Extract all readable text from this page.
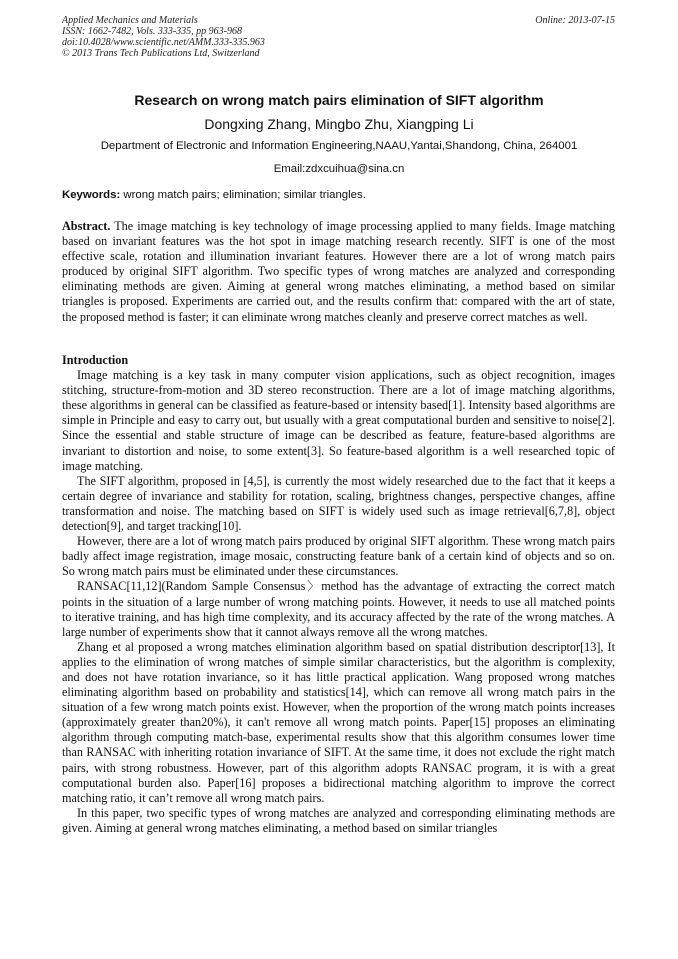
Applied Mechanics and Materials
ISSN: 1662-7482, Vols. 333-335, pp 963-968
doi:10.4028/www.scientific.net/AMM.333-335.963
© 2013 Trans Tech Publications Ltd, Switzerland
Online: 2013-07-15
Research on wrong match pairs elimination of SIFT algorithm
Dongxing Zhang, Mingbo Zhu, Xiangping Li
Department of Electronic and Information Engineering,NAAU,Yantai,Shandong, China, 264001
Email:zdxcuihua@sina.cn
Keywords: wrong match pairs; elimination; similar triangles.

Abstract. The image matching is key technology of image processing applied to many fields. Image matching based on invariant features was the hot spot in image matching research recently. SIFT is one of the most effective scale, rotation and illumination invariant features. However there are a lot of wrong match pairs produced by original SIFT algorithm. Two specific types of wrong matches are analyzed and corresponding eliminating methods are given. Aiming at general wrong matches eliminating, a method based on similar triangles is proposed. Experiments are carried out, and the results confirm that: compared with the art of state, the proposed method is faster; it can eliminate wrong matches cleanly and preserve correct matches as well.

Introduction

Image matching is a key task in many computer vision applications, such as object recognition, images stitching, structure-from-motion and 3D stereo reconstruction. There are a lot of image matching algorithms, these algorithms in general can be classified as feature-based or intensity based[1]. Intensity based algorithms are simple in Principle and easy to carry out, but usually with a great computational burden and sensitive to noise[2]. Since the essential and stable structure of image can be described as feature, feature-based algorithms are invariant to distortion and noise, to some extent[3]. So feature-based algorithm is a well researched topic of image matching.

The SIFT algorithm, proposed in [4,5], is currently the most widely researched due to the fact that it keeps a certain degree of invariance and stability for rotation, scaling, brightness changes, perspective changes, affine transformation and noise. The matching based on SIFT is widely used such as image retrieval[6,7,8], object detection[9], and target tracking[10].

However, there are a lot of wrong match pairs produced by original SIFT algorithm. These wrong match pairs badly affect image registration, image mosaic, constructing feature bank of a certain kind of objects and so on. So wrong match pairs must be eliminated under these circumstances.

RANSAC[11,12](Random Sample Consensus〉method has the advantage of extracting the correct match points in the situation of a large number of wrong matching points. However, it needs to use all matched points to iterative training, and has high time complexity, and its accuracy affected by the rate of the wrong matches. A large number of experiments show that it cannot always remove all the wrong matches.

Zhang et al proposed a wrong matches elimination algorithm based on spatial distribution descriptor[13], It applies to the elimination of wrong matches of simple similar characteristics, but the algorithm is complexity, and does not have rotation invariance, so it has little practical application. Wang proposed wrong matches eliminating algorithm based on probability and statistics[14], which can remove all wrong match pairs in the situation of a few wrong match points exist. However, when the proportion of the wrong match points increases (approximately greater than20%), it can't remove all wrong match points. Paper[15] proposes an eliminating algorithm through computing match-base, experimental results show that this algorithm consumes lower time than RANSAC with inheriting rotation invariance of SIFT. At the same time, it does not exclude the right match pairs, with strong robustness. However, part of this algorithm adopts RANSAC program, it is with a great computational burden also. Paper[16] proposes a bidirectional matching algorithm to improve the correct matching ratio, it can’t remove all wrong match pairs.

In this paper, two specific types of wrong matches are analyzed and corresponding eliminating methods are given. Aiming at general wrong matches eliminating, a method based on similar triangles
